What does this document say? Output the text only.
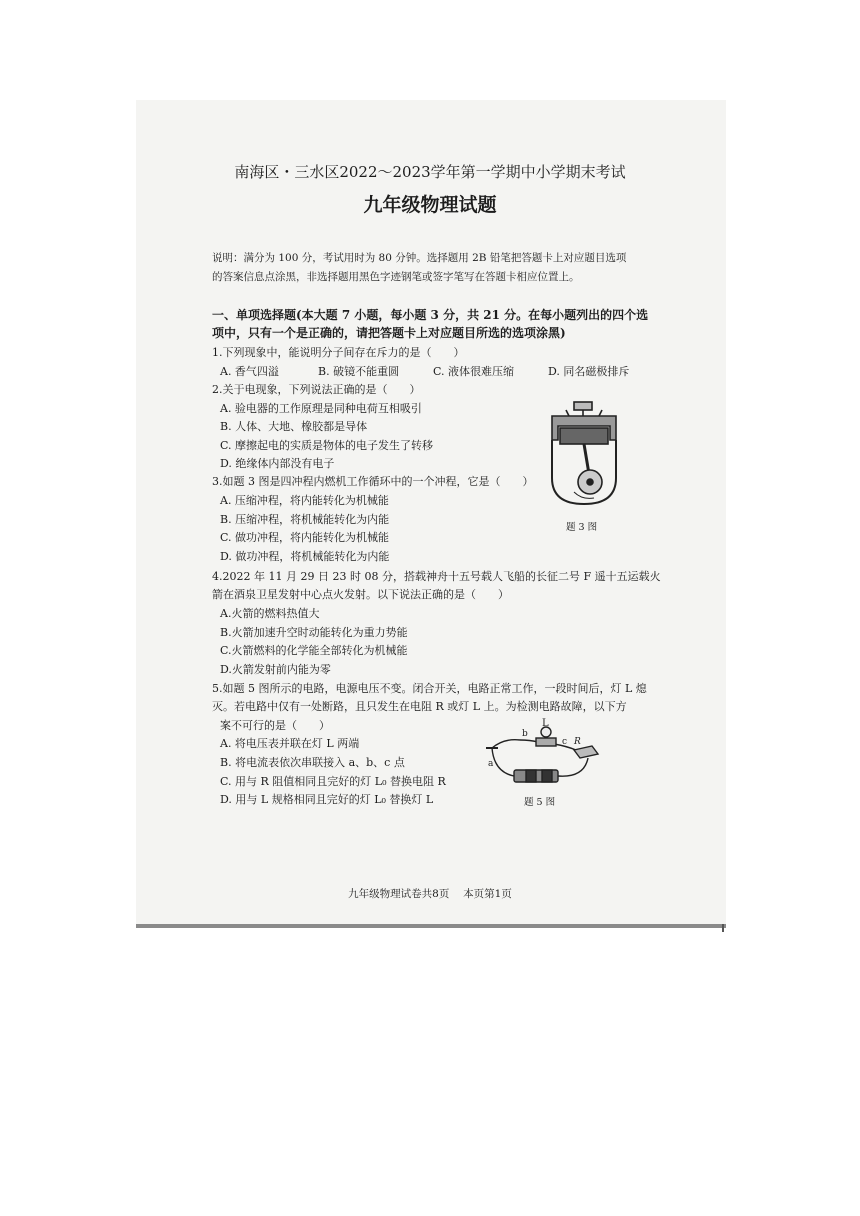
南海区・三水区2022～2023学年第一学期中小学期末考试
九年级物理试题
说明：满分为 100 分，考试用时为 80 分钟。选择题用 2B 铅笔把答题卡上对应题目选项
的答案信息点涂黑，非选择题用黑色字迹钢笔或签字笔写在答题卡相应位置上。
一、单项选择题(本大题 7 小题，每小题 3 分，共 21 分。在每小题列出的四个选
项中，只有一个是正确的，请把答题卡上对应题目所选的选项涂黑)
1.下列现象中，能说明分子间存在斥力的是（　　）
A. 香气四溢	B. 破镜不能重圆	C. 液体很难压缩	D. 同名磁极排斥
2.关于电现象，下列说法正确的是（　　）
A. 验电器的工作原理是同种电荷互相吸引
B. 人体、大地、橡胶都是导体
C. 摩擦起电的实质是物体的电子发生了转移
D. 绝缘体内部没有电子
3.如题 3 图是四冲程内燃机工作循环中的一个冲程，它是（　　）
A. 压缩冲程，将内能转化为机械能
B. 压缩冲程，将机械能转化为内能
C. 做功冲程，将内能转化为机械能
D. 做功冲程，将机械能转化为内能
题 3 图
4.2022 年 11 月 29 日 23 时 08 分，搭载神舟十五号载人飞船的长征二号 F 遥十五运载火
箭在酒泉卫星发射中心点火发射。以下说法正确的是（　　）
A.火箭的燃料热值大
B.火箭加速升空时动能转化为重力势能
C.火箭燃料的化学能全部转化为机械能
D.火箭发射前内能为零
5.如题 5 图所示的电路，电源电压不变。闭合开关，电路正常工作，一段时间后，灯 L 熄
灭。若电路中仅有一处断路，且只发生在电阻 R 或灯 L 上。为检测电路故障，以下方
案不可行的是（　　）
A. 将电压表并联在灯 L 两端
B. 将电流表依次串联接入 a、b、c 点
C. 用与 R 阻值相同且完好的灯 L₀ 替换电阻 R
D. 用与 L 规格相同且完好的灯 L₀ 替换灯 L
L
b
c R
a
题 5 图
九年级物理试卷共8页　 本页第1页
